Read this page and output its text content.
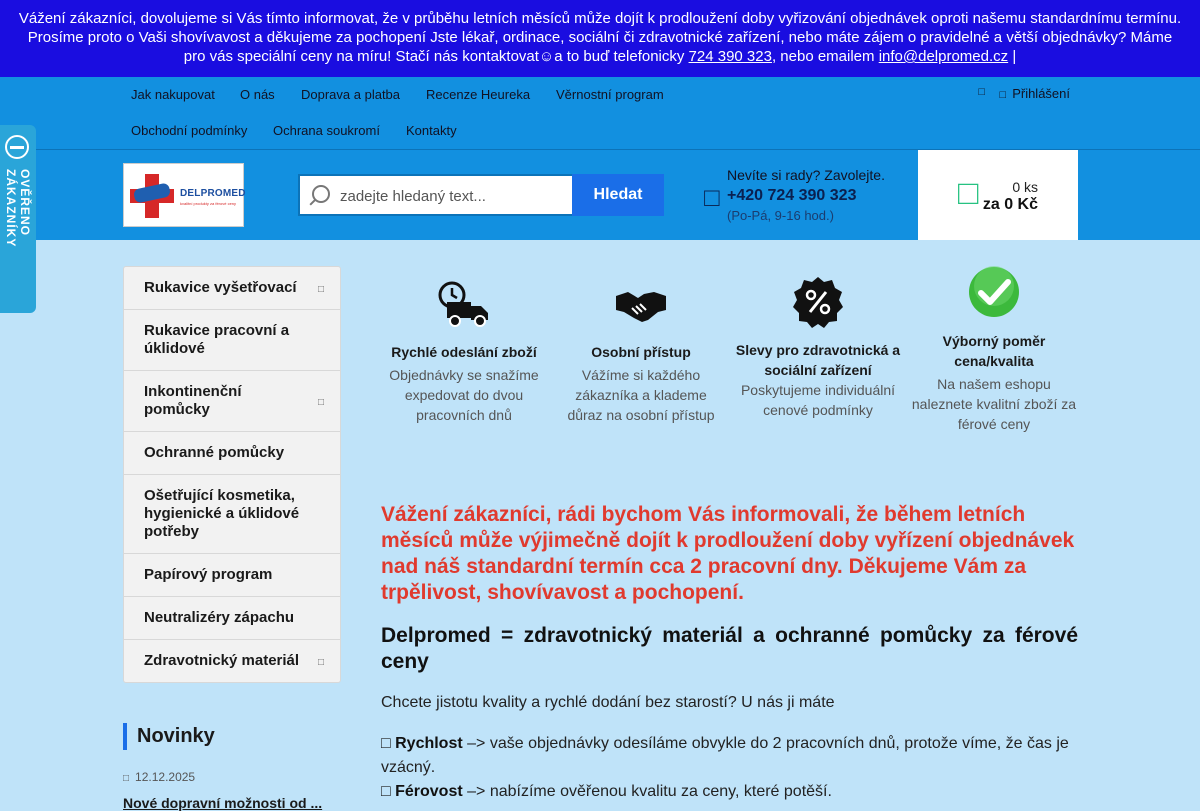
Vážení zákazníci, dovolujeme si Vás tímto informovat, že v průběhu letních měsíců může dojít k prodloužení doby vyřizování objednávek oproti našemu standardnímu termínu.
Prosíme proto o Vaši shovívavost a děkujeme za pochopení Jste lékař, ordinace, sociální či zdravotnické zařízení, nebo máte zájem o pravidelné a větší objednávky? Máme
pro vás speciální ceny na míru! Stačí nás kontaktovat☺a to buď telefonicky 724 390 323, nebo emailem info@delpromed.cz |
Jak nakupovat O nás Doprava a platba Recenze Heureka Věrnostní program
Obchodní podmínky Ochrana soukromí Kontakty
□ □ Přihlášení
DELPROMED
kvalitní produkty za férové ceny
zadejte hledaný text...
Hledat	□
Nevíte si rady? Zavolejte.
+420 724 390 323
(Po-Pá, 9-16 hod.)
□ 0 ks
za 0 Kč
OVĚŘENO ZÁKAZNÍKY
Rukavice vyšetřovací □
Rukavice pracovní a úklidové
Inkontinenční pomůcky	□
Ochranné pomůcky
Ošetřující kosmetika, hygienické a úklidové potřeby
Papírový program
Neutralizéry zápachu
Zdravotnický materiál □
Novinky
□ 12.12.2025
Nové dopravní možnosti od ...
Rychlé odeslání zboží
Objednávky se snažíme expedovat do dvou pracovních dnů
Osobní přístup
Vážíme si každého zákazníka a klademe důraz na osobní přístup
Slevy pro zdravotnická a sociální zařízení
Poskytujeme individuální cenové podmínky
Výborný poměr cena/kvalita
Na našem eshopu naleznete kvalitní zboží za férové ceny
Vážení zákazníci, rádi bychom Vás informovali, že během letních měsíců může výjimečně dojít k prodloužení doby vyřízení objednávek nad náš standardní termín cca 2 pracovní dny. Děkujeme Vám za trpělivost, shovívavost a pochopení.
Delpromed = zdravotnický materiál a ochranné pomůcky za férové ceny
Chcete jistotu kvality a rychlé dodání bez starostí? U nás ji máte
□ Rychlost –> vaše objednávky odesíláme obvykle do 2 pracovních dnů, protože víme, že čas je vzácný.
□ Férovost –> nabízíme ověřenou kvalitu za ceny, které potěší.
